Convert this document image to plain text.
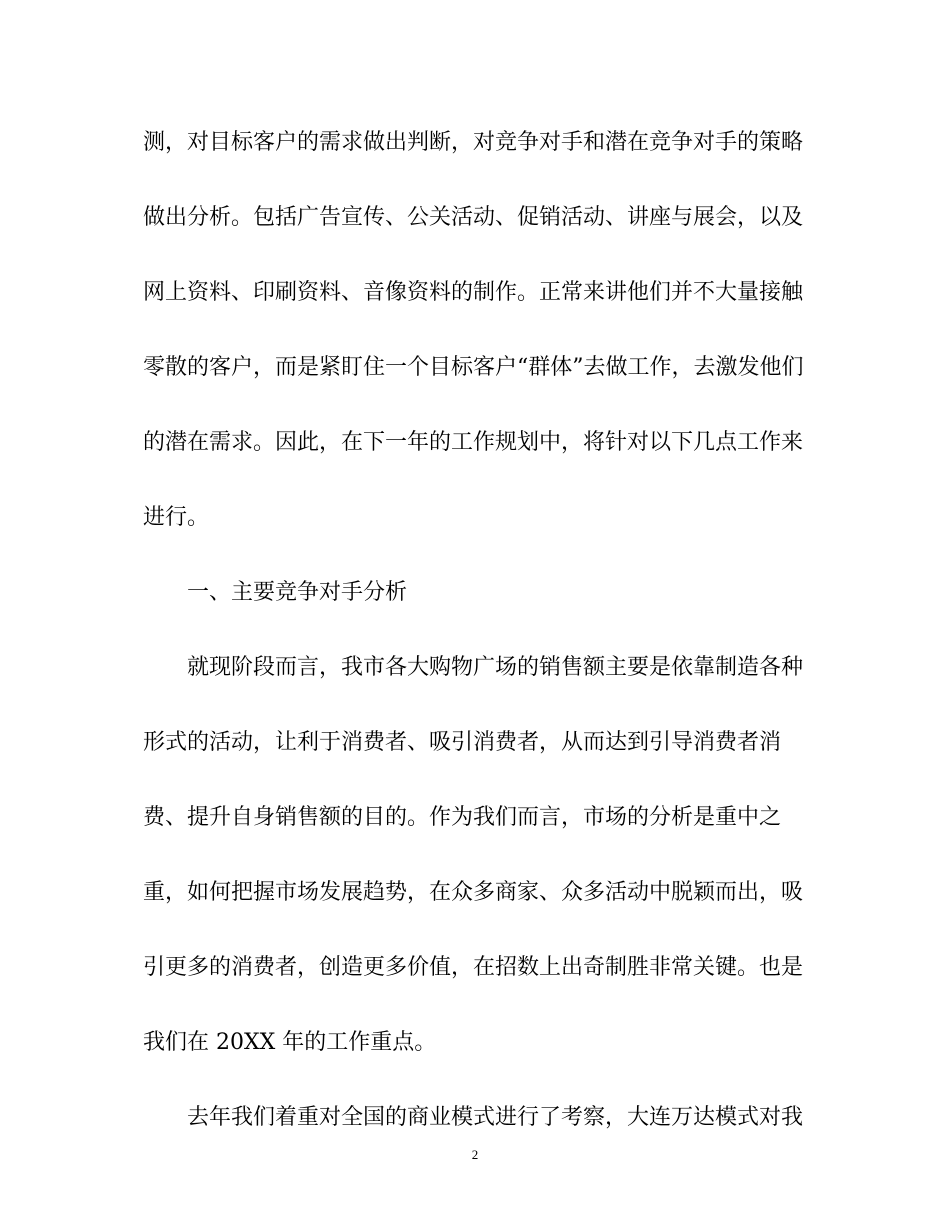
测，对目标客户的需求做出判断，对竞争对手和潜在竞争对手的策略
做出分析。包括广告宣传、公关活动、促销活动、讲座与展会，以及
网上资料、印刷资料、音像资料的制作。正常来讲他们并不大量接触
零散的客户，而是紧盯住一个目标客户“群体”去做工作，去激发他们
的潜在需求。因此，在下一年的工作规划中，将针对以下几点工作来
进行。
一、主要竞争对手分析
就现阶段而言，我市各大购物广场的销售额主要是依靠制造各种
形式的活动，让利于消费者、吸引消费者，从而达到引导消费者消
费、提升自身销售额的目的。作为我们而言，市场的分析是重中之
重，如何把握市场发展趋势，在众多商家、众多活动中脱颖而出，吸
引更多的消费者，创造更多价值，在招数上出奇制胜非常关键。也是
我们在 20XX 年的工作重点。
去年我们着重对全国的商业模式进行了考察，大连万达模式对我
2
